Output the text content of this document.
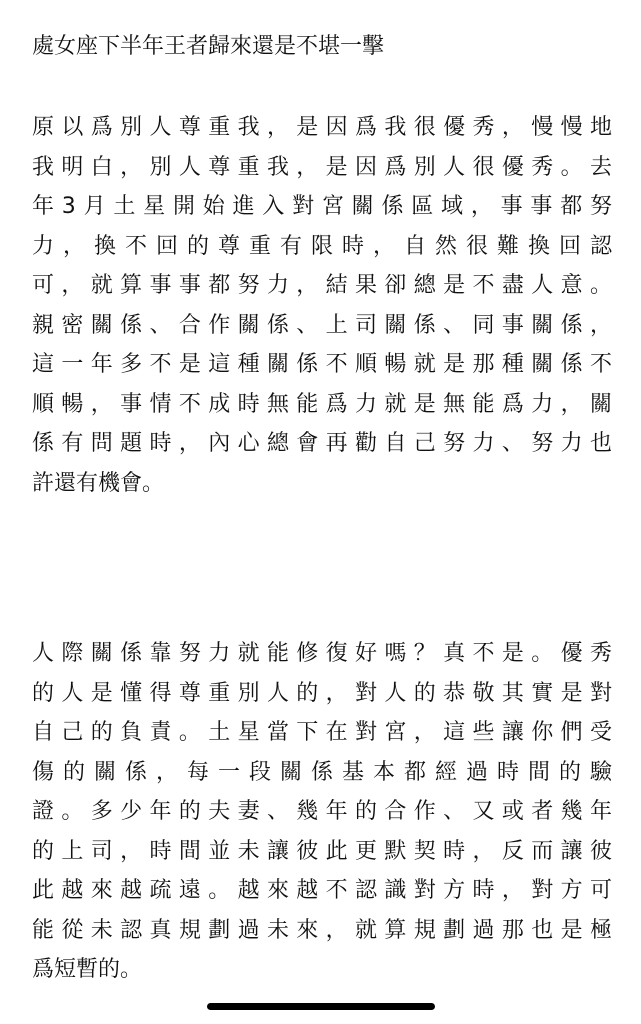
處女座下半年王者歸來還是不堪一擊
原以爲別人尊重我，是因爲我很優秀，慢慢地
我明白，別人尊重我，是因爲別人很優秀。去
年3月土星開始進入對宮關係區域，事事都努
力，換不回的尊重有限時，自然很難換回認
可，就算事事都努力，結果卻總是不盡人意。
親密關係、合作關係、上司關係、同事關係，
這一年多不是這種關係不順暢就是那種關係不
順暢，事情不成時無能爲力就是無能爲力，關
係有問題時，內心總會再勸自己努力、努力也
許還有機會。
人際關係靠努力就能修復好嗎？真不是。優秀
的人是懂得尊重別人的，對人的恭敬其實是對
自己的負責。土星當下在對宮，這些讓你們受
傷的關係，每一段關係基本都經過時間的驗
證。多少年的夫妻、幾年的合作、又或者幾年
的上司，時間並未讓彼此更默契時，反而讓彼
此越來越疏遠。越來越不認識對方時，對方可
能從未認真規劃過未來，就算規劃過那也是極
爲短暫的。
